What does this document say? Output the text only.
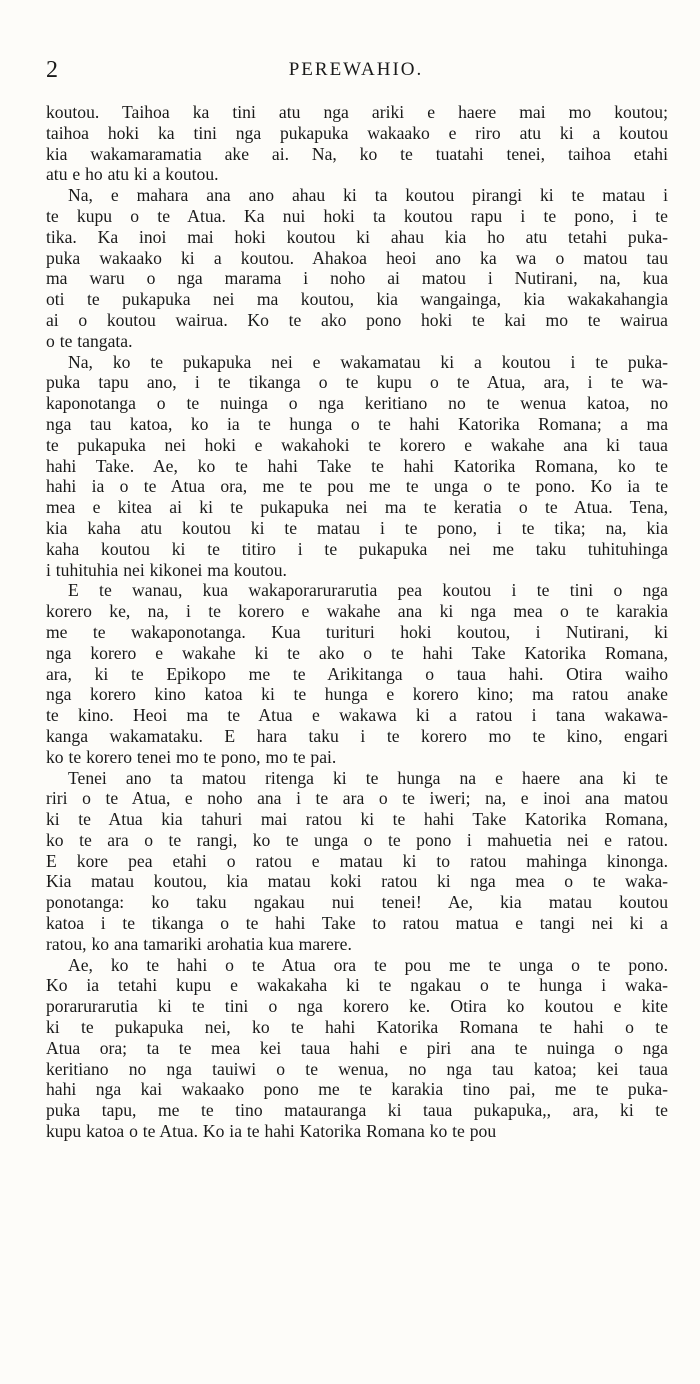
2	PEREWAHIO.

koutou. Taihoa ka tini atu nga ariki e haere mai mo koutou;
taihoa hoki ka tini nga pukapuka wakaako e riro atu ki a koutou
kia wakamaramatia ake ai. Na, ko te tuatahi tenei, taihoa etahi
atu e ho atu ki a koutou.

Na, e mahara ana ano ahau ki ta koutou pirangi ki te matau i
te kupu o te Atua. Ka nui hoki ta koutou rapu i te pono, i te
tika. Ka inoi mai hoki koutou ki ahau kia ho atu tetahi puka-
puka wakaako ki a koutou. Ahakoa heoi ano ka wa o matou tau
ma waru o nga marama i noho ai matou i Nutirani, na, kua
oti te pukapuka nei ma koutou, kia wangainga, kia wakakahangia
ai o koutou wairua. Ko te ako pono hoki te kai mo te wairua
o te tangata.

Na, ko te pukapuka nei e wakamatau ki a koutou i te puka-
puka tapu ano, i te tikanga o te kupu o te Atua, ara, i te wa-
kaponotanga o te nuinga o nga keritiano no te wenua katoa, no
nga tau katoa, ko ia te hunga o te hahi Katorika Romana; a ma
te pukapuka nei hoki e wakahoki te korero e wakahe ana ki taua
hahi Take. Ae, ko te hahi Take te hahi Katorika Romana, ko te
hahi ia o te Atua ora, me te pou me te unga o te pono. Ko ia te
mea e kitea ai ki te pukapuka nei ma te keratia o te Atua. Tena,
kia kaha atu koutou ki te matau i te pono, i te tika; na, kia
kaha koutou ki te titiro i te pukapuka nei me taku tuhituhinga
i tuhituhia nei kikonei ma koutou.

E te wanau, kua wakaporarurarutia pea koutou i te tini o nga
korero ke, na, i te korero e wakahe ana ki nga mea o te karakia
me te wakaponotanga. Kua turituri hoki koutou, i Nutirani, ki
nga korero e wakahe ki te ako o te hahi Take Katorika Romana,
ara, ki te Epikopo me te Arikitanga o taua hahi. Otira waiho
nga korero kino katoa ki te hunga e korero kino; ma ratou anake
te kino. Heoi ma te Atua e wakawa ki a ratou i tana wakawa-
kanga wakamataku. E hara taku i te korero mo te kino, engari
ko te korero tenei mo te pono, mo te pai.

Tenei ano ta matou ritenga ki te hunga na e haere ana ki te
riri o te Atua, e noho ana i te ara o te iweri; na, e inoi ana matou
ki te Atua kia tahuri mai ratou ki te hahi Take Katorika Romana,
ko te ara o te rangi, ko te unga o te pono i mahuetia nei e ratou.
E kore pea etahi o ratou e matau ki to ratou mahinga kinonga.
Kia matau koutou, kia matau koki ratou ki nga mea o te waka-
ponotanga: ko taku ngakau nui tenei! Ae, kia matau koutou
katoa i te tikanga o te hahi Take to ratou matua e tangi nei ki a
ratou, ko ana tamariki arohatia kua marere.

Ae, ko te hahi o te Atua ora te pou me te unga o te pono.
Ko ia tetahi kupu e wakakaha ki te ngakau o te hunga i waka-
porarurarutia ki te tini o nga korero ke. Otira ko koutou e kite
ki te pukapuka nei, ko te hahi Katorika Romana te hahi o te
Atua ora; ta te mea kei taua hahi e piri ana te nuinga o nga
keritiano no nga tauiwi o te wenua, no nga tau katoa; kei taua
hahi nga kai wakaako pono me te karakia tino pai, me te puka-
puka tapu, me te tino matauranga ki taua pukapuka,, ara, ki te
kupu katoa o te Atua. Ko ia te hahi Katorika Romana ko te pou
